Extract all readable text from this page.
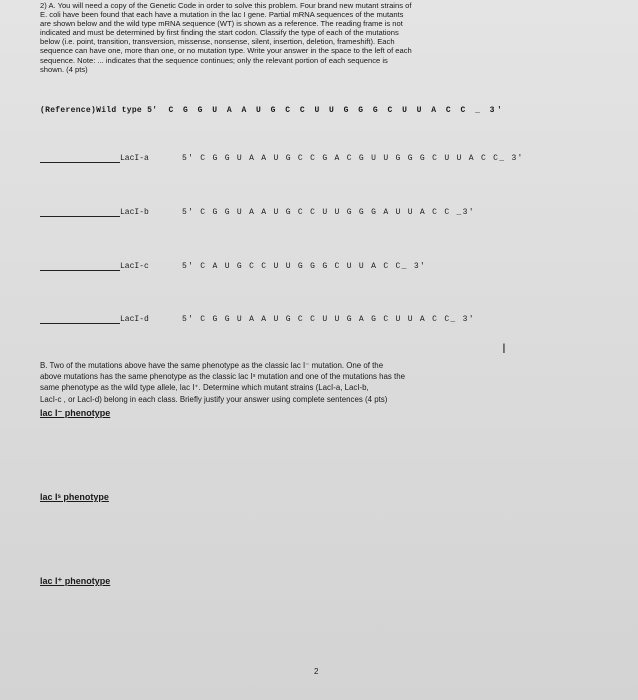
2) A. You will need a copy of the Genetic Code in order to solve this problem. Four brand new mutant strains of

E. coli have been found that each have a mutation in the lac I gene. Partial mRNA sequences of the mutants

are shown below and the wild type mRNA sequence (WT) is shown as a reference. The reading frame is not

indicated and must be determined by first finding the start codon. Classify the type of each of the mutations

below (i.e. point, transition, transversion, missense, nonsense, silent, insertion, deletion, frameshift). Each

sequence can have one, more than one, or no mutation type. Write your answer in the space to the left of each

sequence. Note: ... indicates that the sequence continues; only the relevant portion of each sequence is

shown. (4 pts)

(Reference)Wild type 5' C G G U A A U G C C U U G G G C U U A C C _ 3'
LacI-a	5' C G G U A A U G C C G A C G U U G G G C U U A C C_ 3'
LacI-b	5' C G G U A A U G C C U U G G G A U U A C C _3'
LacI-c	5' C A U G C C U U G G G C U U A C C_ 3'
LacI-d	5' C G G U A A U G C C U U G A G C U U A C C_ 3'
I

B. Two of the mutations above have the same phenotype as the classic lac I⁻ mutation. One of the

above mutations has the same phenotype as the classic lac Iˢ mutation and one of the mutations has the

same phenotype as the wild type allele, lac I⁺. Determine which mutant strains (LacI-a, LacI-b,

LacI-c , or LacI-d) belong in each class. Briefly justify your answer using complete sentences (4 pts)

lac I⁻ phenotype
lac Iˢ phenotype
lac I⁺ phenotype
2
